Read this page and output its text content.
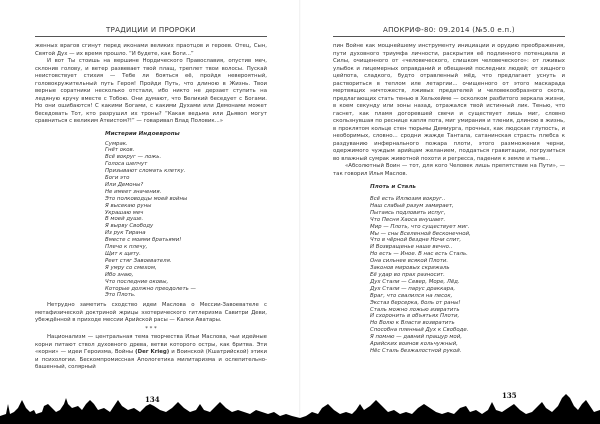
ТРАДИЦИИ И ПРОРОКИ

женных врагов сгинут перед иконами великих праотцов и героев. Отец, Сын, Святой Дух — их время прошло. “И будете, как Боги...”

И вот Ты стоишь на вершине Нордического Православия, опустив меч, склонив голову, и ветер развевает твой плащ, треплет твои волосы. Пускай неистовствует стихия — Тебе ли бояться её, пройдя невероятный, головокружительный путь Героя! Пройди Путь, что длиною в Жизнь. Твои верные соратники несколько отстали, ибо никто не дерзает ступить на ледяную кручу вместе с Тобою. Они думают, что Великий беседует с Богами. Но они ошибаются! С какими Богами, с какими Духами или Демонами может беседовать Тот, кто разрушил их троны? “Какая ведьма или Дьявол могут сравниться с великим Атеистом?!” — говаривал Влад Половик...»

Мистерии Индоевропы
Сумрак.
Гнёт оков.
Всё вокруг — ложь.
Голоса шепчут
Призывают сломать клетку.
Боги это
Или Демоны?
Не имеет значения.
Это полководцы моей войны
Я высекаю руны
Украшаю меч
В моей душе.
Я вырву Свободу
Из рук Тирана
Вместе с моими братьями!
Плечо к плечу,
Щит к щиту.
Реет стяг Завоевателя.
Я умру со смехом,
Ибо знаю,
Что последние оковы,
Которые должно преодолеть —
Это Плоть.

Нетрудно заметить сходство идеи Маслова о Мессии-Завоевателе с метафизической доктриной жрицы эзотерического гитлеризма Савитри Деви, убеждённой в приходе мессии Арийской расы — Калки Аватары.

* * *

Национализм — центральная тема творчества Ильи Маслова, чьи идейные корни питают ствол духовного древа, ветви которого остры, как бритва. Эти «корни» — идеи Героизма, Войны (Der Krieg) и Воинской (Кшатрийской) этики и психологии. Бескомпромиссная Апологетика милитаризма и ослепительно-башенный, солярный

134
АПОКРИФ-80: 09.2014 (№5.0 е.п.)

пин Войне как мощнейшему инструменту инициации и орудию преображения, пути духовного триумфа личности, раскрытия её подлинного потенциала и Силы, очищенного от «человеческого, слишком человеческого»: от лживых улыбок и лицемерных оправданий и обещаний последних людей; от хищного цейпота, сладкого, будто отравленный мёд, что предлагает уснуть и раствориться в теплом иле летаргии... очищенного от этого маскарада мертвящих ничтожеств, лживых предателей и человекообразного скота, предлагающих стать тенью в Хельхейме — осколком разбитого зеркала жизни, в коем секунду или эоны назад, отражался твой истинный лик. Тенью, что гаснет, как пламя догоревшей свечи и существует лишь миг, словно скользнувшая по реснице капля пота, миг умирания и тления, длиною в жизнь, в проклятом кольце стен тюрьмы Демиурга, прочных, как людская глупость, и необоримых, словно... сродни жажде Тантала, сатанинская страсть плебса к раздуванию инфернального пожара плоти, этого размножения черни, одержимого чуждым арийцам желанием, поддаться гравитации, погрузиться во влажный сумрак животной похоти и регресса, падения к земле и тьме...

«Абсолютный Воин — тот, для кого Человек лишь препятствие на Пути», — так говорил Илья Маслов.

Плоть и Сталь
Всё есть Иллюзия вокруг..
Наш слабый разум замирает,
Пытаясь подловить испуг,
Что Песня Хаоса внушает.
Мир — Плоть, что существует миг.
Мы — сны Вселенной бесконечной,
Что в чёрной бездне Ночи спит,
И Возвращенье наше вечно..
Но есть — Иное. В нас есть Сталь.
Она сильнее всякой Плоти.
Законов мировых скрижаль
Её удар во прах разносит.
Дух Стали — Север, Море, Лёд.
Дух Стали — парус драккара,
Враг, что свалился на песок,
Экстаз берсерка, боль от раны!
Сталь можно ложью извратить
И схоронить в объятьях Плоти,
Но Волю к Власти возвратить
Способна пленный Дух к Свободе.
Я помню — давний пращур мой,
Арийских воинов кольчужный,
Нёс Сталь безжалостной рукой.
135
